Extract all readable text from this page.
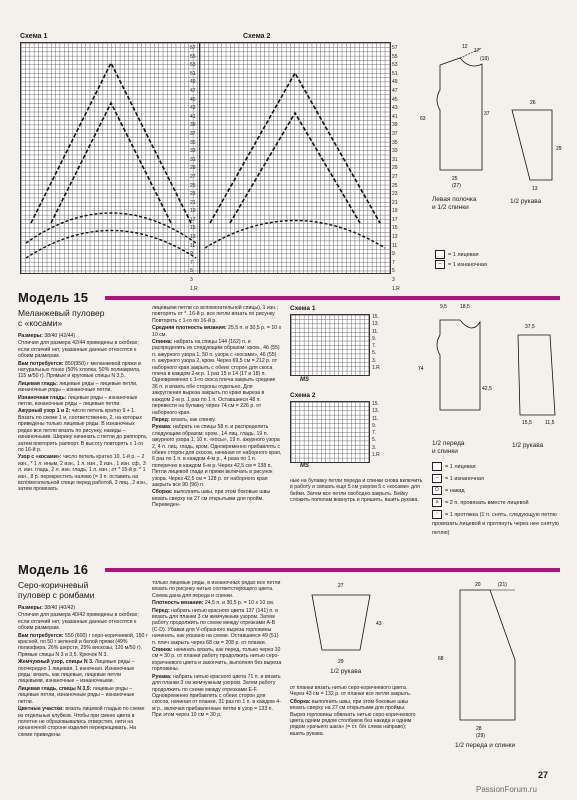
Схема 1	Схема 2
57
55
53
51
49
47
45
43
41
39
37
35
33
31
29
27
25
23
21
19
17
15
13
11
9
7
5
3
1.R
57
55
53
51
49
47
45
43
41
39
37
35
33
31
29
27
25
23
21
19
17
15
13
11
9
7
5
3
1.R
12
17
(19)
63
37
25
(27)
26
29
13
Левая полочка
и 1/2 спинки
1/2 рукава
= 1 лицевая
– = 1 изнаночная
Модель 15
Меланжевый пуловер
с «косами»

Размеры: 38/40 (42/44)

Отличия для размера 42/44 приведены в скобках; если отличий нет, указанные данные относятся к обоим размерам.

Вам потребуется: 850(950) г меланжевой пряжи в натуральных тонах (50% хлопка, 50% полиакрила, 115 м/50 г). Прямые и круговые спицы N 3,5.

Лицевая гладь: лицевые ряды – лицевые петли, изнаночные ряды – изнаночные петли.

Изнаночная гладь: лицевые ряды – изнаночные петли, изнаночные ряды – лицевые петли.

Ажурный узор 1 и 2: число петель кратно 9 + 1. Вязать по схеме 1 и, соответственно, 2, на которых приведены только лицевые ряды. В изнаночных рядах все петли вязать по рисунку, накиды – изнаночными. Ширину начинать с петли до раппорта, затем повторять раппорт. В высоту повторять с 1-го по 16-й р.

Узор с «косами»: число петель кратно 10. 1-й р. – 2 изн., * 1 л. иным, 2 изн., 1 л. изн., 2 изн., 1 изн. сф., 3 л. изн. гладь, 2 л. изн. гладь, 1 л. изн.; от * 15-й р. * 1 изн., 8 р. перекрестить налево (= 3 п. оставить на вспомогательной спице перед работой, 3 лиц., 2 изн., затем провязать

лицевыми петли со вспомогательной спицы), 1 изн.; повторять от *. 16-й р. все петли вязать по рисунку. Повторять с 1-го по 16-й р.

Средняя плотность вязания: 25,5 п. и 30,5 р. = 10 х 10 см.

Спинка: набрать на спицы 144 (162) п. и распределить их следующим образом: кром., 46 (55) п. ажурного узора 1, 50 п. узора с «косами», 46 (55) п. ажурного узора 2, кром. Через 69,5 см = 212 р. от наборного края закрыть с обеих сторон для скоса плеча в каждом 2-м р. 1 раз 15 и 14 (17 и 18) п. Одновременно с 1-го скоса плеча закрыть средние 36 п. и вязать обе стороны отдельно. Для закругления выреза закрыть по краю выреза в каждом 2-м р. 1 раз по 1 п. Оставшиеся 48 п. перевести на булавку через 74 см = 226 р. от наборного края.

Перед: вязать, как спинку.

Рукава: набрать на спицы 58 п. и распределить следующим образом: кром., 14 лиц. гладь, 19 п. ажурного узора 1, 10 п. «косы», 19 п. ажурного узора 2, 4 п. лиц. гладь, кром. Одновременно прибавлять с обеих сторон для скосов, начиная от наборного края, 6 раз по 1 п. в каждом 4-м р., 4 раза по 1 п. поперечно в каждом 6-м р. Через 42,5 см = 138 п. Петли лицевой глади и пряжи включать в рисунок узора. Через 42,5 см = 128 р. от наборного края закрыть все 90 (96) п.

Сборка: выполнить швы, при этом боковые швы вязать сверху на 27 см открытыми для пройм. Переведен-

Схема 1
15.
13.
11.
9.
7.
5.
3.
1.R
MS
Схема 2
15.
13.
11.
9.
7.
5.
3.
1.R
MS

ные на булавку петли переда и спинки снова включить в работу и связать еще 5 см узором 5 с «косами» для бейки. Затем все петли свободно закрыть. Бейку сложить пополам вовнутрь и пришить, вшить рукава.

9,5	18,5
74
42,5
37,5
15,5	11,5
1/2 переда
и спинки
1/2 рукава
= 1 лицевая
– = 1 изнаночная
O = накид
∧ = 2 п. провязать вместе лицевой
↑ = 1 протяжка (1 п. снять, следующую петлю провязать лицевой и протянуть через нее снятую петлю)
Модель 16
Серо-коричневый
пуловер с ромбами

Размеры: 38/40 (40/42)

Отличия для размера 40/42 приведены в скобках; если отличий нет, указанные данные относятся к обоим размерам.

Вам потребуется: 550 (600) г серо-коричневой, 150 г красной, по 50 г зеленой и белой пряжи (49% полиэфира, 26% шерсти, 25% вискозы, 120 м/50 г). Прямые спицы N 3 и 3,5. Крючок N 3.

Жемчужный узор, спицы N 3. Лицевые ряды – поочередно 1 лицевая, 1 изночная. Изнаночные ряды: вязать, как лицевые, лицевые петли лицевыми, изнаночные – изнаночными.

Лицевая гладь, спицы N 3,5: лицевые ряды – лицевые петли, изнаночные ряды – изнаночные петли.

Цветные участки: вязать лицевой гладью по схеме из отдельных клубков. Чтобы при смене цвета в полотне не образовывались отверстия, нити на изнаночной стороне изделия перекрещивать. На схеме приведены

только лицевые ряды, в изнаночных рядах все петли вязать по рисунку нитью соответствующего цвета. Схема дана для переда и спинки.

Плотность вязания: 24,5 п. и 30,5 р. = 10 х 10 см.

Перед: набрать нитью красного цвета 137 (141) п. и вязать для планки 3 см жемчужным узором. Затем работу продолжить по схеме между отрезками A-B (C-D). Убавки для V-образного выреза горловины начинать, как указано на схеме. Оставшиеся 49 (51) п. плеч закрыть через 68 см = 208 р. от планки.

Спинка: начинать вязать, как перед, только через 10 см = 30 р. от планки работу продолжить нитью серо-коричневого цвета и закончить, выполняя без выреза горловины.

Рукава: набрать нитью красного цвета 71 п. и вязать для планки 3 см жемчужным узором. Затем работу продолжить по схеме между отрезками E-F. Одновременно прибавлять с обеих сторон для скосов, начиная от планки, 31 раз по 1 п. в каждом 4-м р., включая прибавленные петли в узор = 133 п. При этом через 10 см = 30 р.

27
43
29
1/2 рукава

от планки вязать нитью серо-коричневого цвета. Через 43 см = 132 р. от планки все петли закрыть.

Сборка: выполнить швы, при этом боковые швы вязать сверху на 27 см открытыми для проймы. Вырез горловины обвязать нитью серо-коричневого цвета одним рядом столбиков без накида и одним рядом «рачьего шага» (= ст. б/н слева направо); вшить рукава.

20	(21)
68
28
(29)
1/2 переда и спинки
27
PassionForum.ru
